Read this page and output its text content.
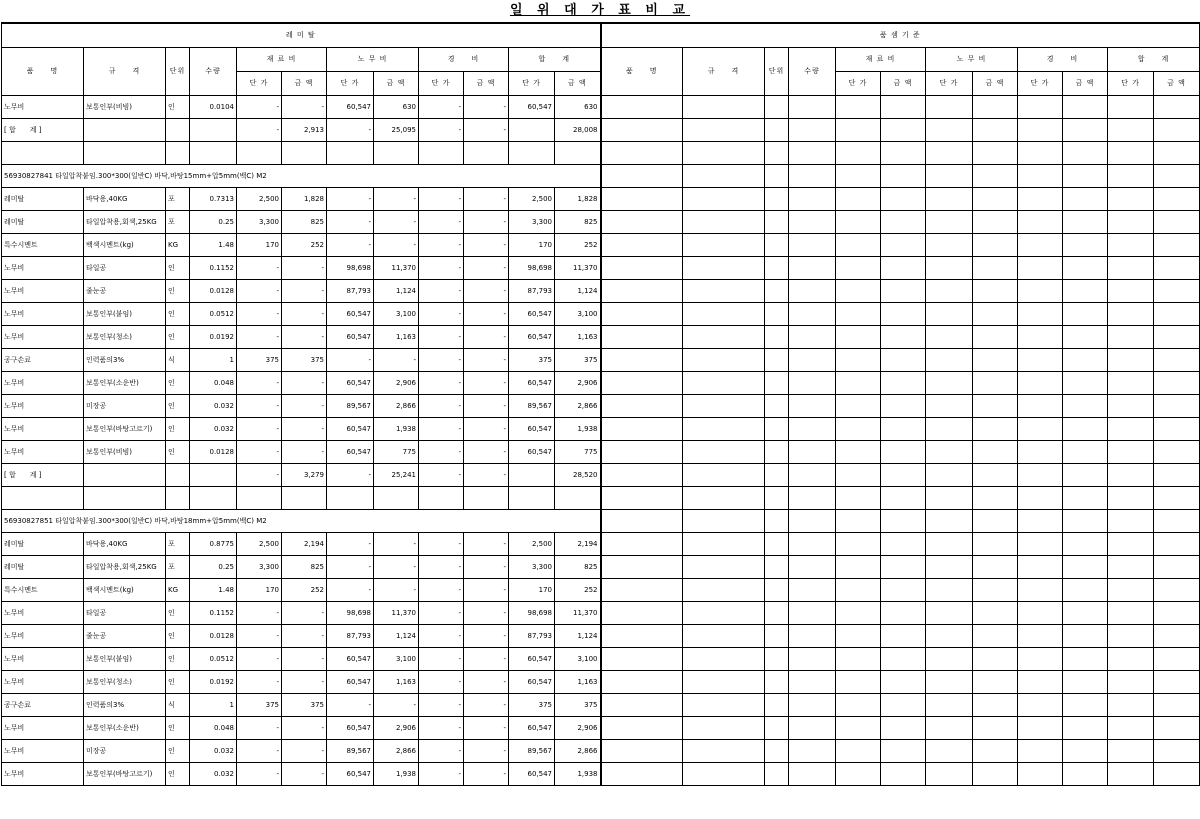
일 위 대 가 표 비 교
레 미 탈												품 셈 기 준											
품　　명	규　　격	단위	수량	재 료 비		노 무 비		경　　비		합　　계		품　　명	규　　격	단위	수량	재 료 비		노 무 비		경　　비		합　　계	
				단 가	금 액	단 가	금 액	단 가	금 액	단 가	금 액					단 가	금 액	단 가	금 액	단 가	금 액	단 가	금 액
노무비	보통인부(비빔)	인	0.0104	-	-	60,547	630	-	-	60,547	630												
[ 합　　계 ]				-	2,913	-	25,095	-	-		28,008												

56930827841 타일압착붙임.300*300(일반C) 바닥,바탕15mm+압5mm(백C) M2																							
레미탈	바닥용,40KG	포	0.7313	2,500	1,828	-	-	-	-	2,500	1,828												
레미탈	타일압착용,회색,25KG	포	0.25	3,300	825	-	-	-	-	3,300	825												
특수시멘트	백색시멘트(kg)	KG	1.48	170	252	-	-	-	-	170	252												
노무비	타일공	인	0.1152	-	-	98,698	11,370	-	-	98,698	11,370												
노무비	줄눈공	인	0.0128	-	-	87,793	1,124	-	-	87,793	1,124												
노무비	보통인부(붙임)	인	0.0512	-	-	60,547	3,100	-	-	60,547	3,100												
노무비	보통인부(청소)	인	0.0192	-	-	60,547	1,163	-	-	60,547	1,163												
공구손료	인력품의3%	식	1	375	375	-	-	-	-	375	375												
노무비	보통인부(소운반)	인	0.048	-	-	60,547	2,906	-	-	60,547	2,906												
노무비	미장공	인	0.032	-	-	89,567	2,866	-	-	89,567	2,866												
노무비	보통인부(바탕고르기)	인	0.032	-	-	60,547	1,938	-	-	60,547	1,938												
노무비	보통인부(비빔)	인	0.0128	-	-	60,547	775	-	-	60,547	775												
[ 합　　계 ]				-	3,279	-	25,241	-	-		28,520												

56930827851 타일압착붙임.300*300(일반C) 바닥,바탕18mm+압5mm(백C) M2																							
레미탈	바닥용,40KG	포	0.8775	2,500	2,194	-	-	-	-	2,500	2,194												
레미탈	타일압착용,회색,25KG	포	0.25	3,300	825	-	-	-	-	3,300	825												
특수시멘트	백색시멘트(kg)	KG	1.48	170	252	-	-	-	-	170	252												
노무비	타일공	인	0.1152	-	-	98,698	11,370	-	-	98,698	11,370												
노무비	줄눈공	인	0.0128	-	-	87,793	1,124	-	-	87,793	1,124												
노무비	보통인부(붙임)	인	0.0512	-	-	60,547	3,100	-	-	60,547	3,100												
노무비	보통인부(청소)	인	0.0192	-	-	60,547	1,163	-	-	60,547	1,163												
공구손료	인력품의3%	식	1	375	375	-	-	-	-	375	375												
노무비	보통인부(소운반)	인	0.048	-	-	60,547	2,906	-	-	60,547	2,906												
노무비	미장공	인	0.032	-	-	89,567	2,866	-	-	89,567	2,866												
노무비	보통인부(바탕고르기)	인	0.032	-	-	60,547	1,938	-	-	60,547	1,938												
